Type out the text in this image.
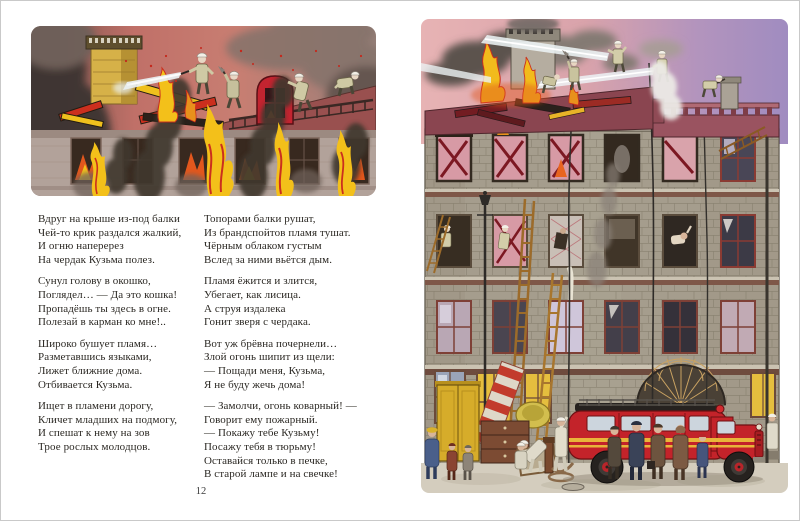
Вдруг на крыше из-под балки
Чей-то крик раздался жалкий,
И огню наперерез
На чердак Кузьма полез.
Сунул голову в окошко,
Поглядел… — Да это кошка!
Пропадёшь ты здесь в огне.
Полезай в карман ко мне!..
Широко бушует пламя…
Разметавшись языками,
Лижет ближние дома.
Отбивается Кузьма.
Ищет в пламени дорогу,
Кличет младших на подмогу,
И спешат к нему на зов
Трое рослых молодцов.
Топорами балки рушат,
Из брандспойтов пламя тушат.
Чёрным облаком густым
Вслед за ними вьётся дым.
Пламя ёжится и злится,
Убегает, как лисица.
А струя издалека
Гонит зверя с чердака.
Вот уж брёвна почернели…
Злой огонь шипит из щели:
— Пощади меня, Кузьма,
Я не буду жечь дома!
— Замолчи, огонь коварный! —
Говорит ему пожарный.
— Покажу тебе Кузьму!
Посажу тебя в тюрьму!
Оставайся только в печке,
В старой лампе и на свечке!
12
